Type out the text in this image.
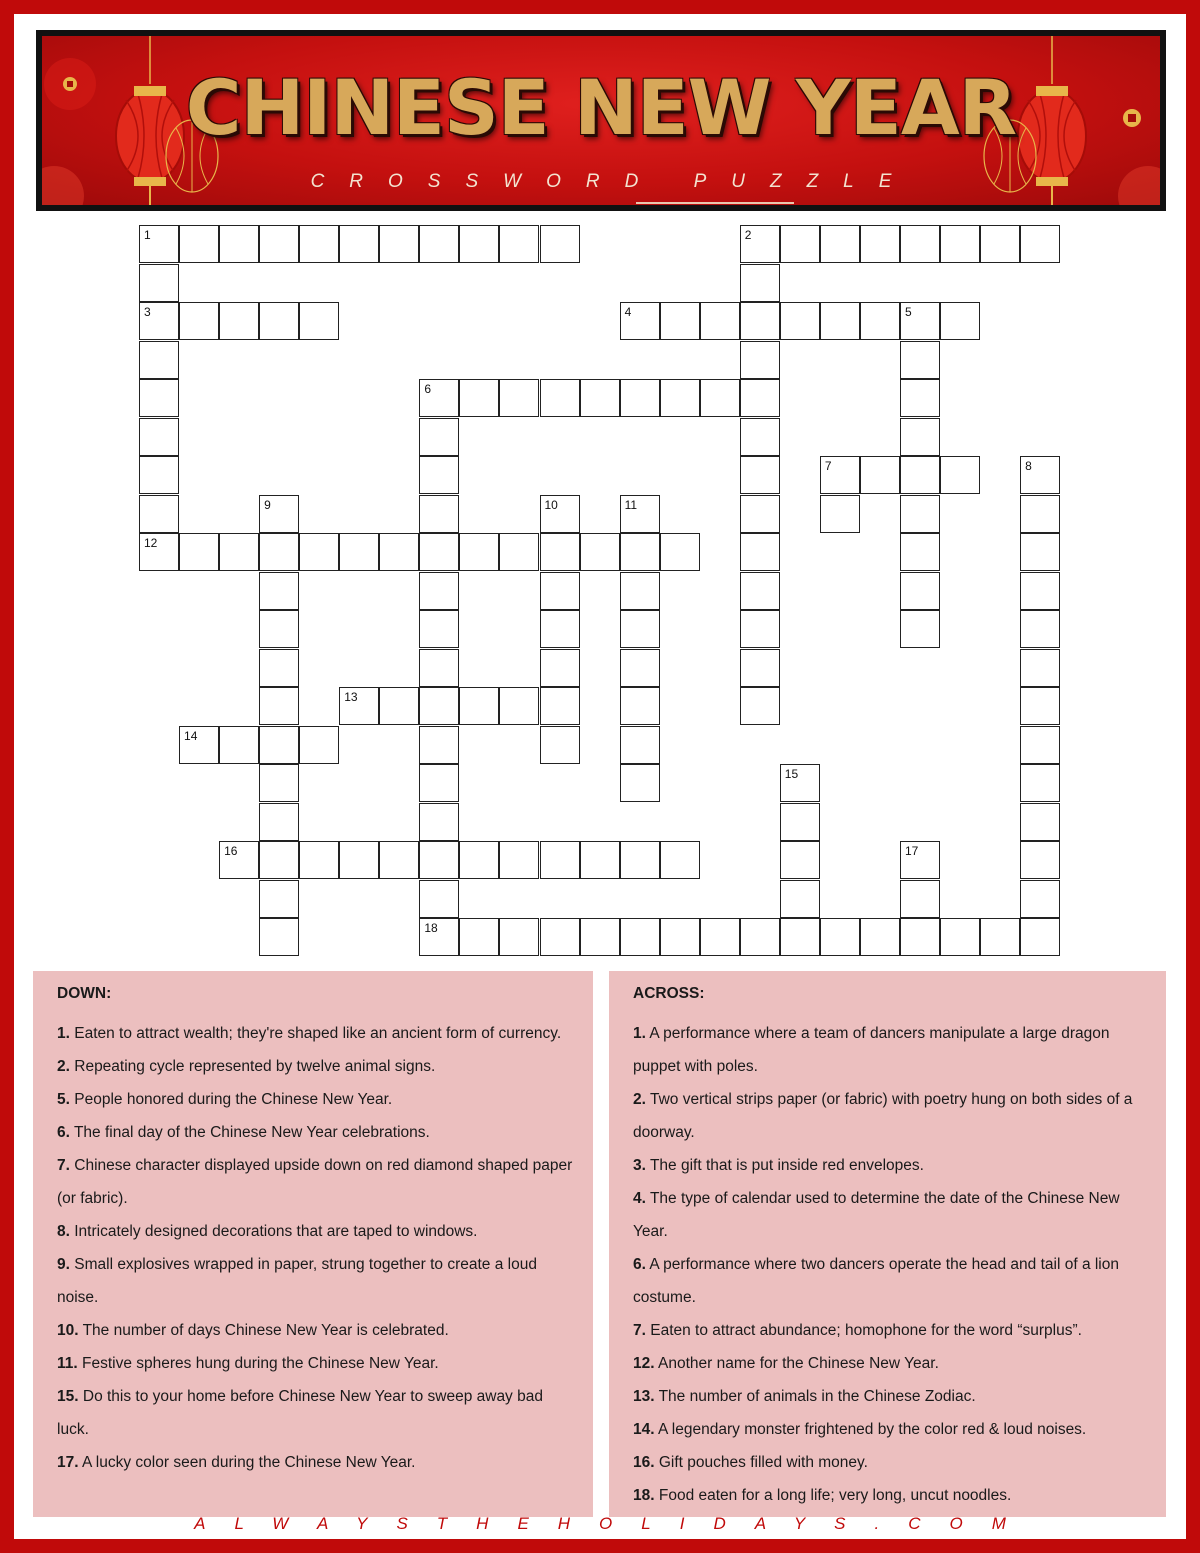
CHINESE NEW YEAR
CROSSWORD PUZZLE
1	2
3	4	5
6
7	8
9	10	11
12
13
14
15
16	17
18
DOWN:
1. Eaten to attract wealth; they're shaped like an ancient form of currency.
2. Repeating cycle represented by twelve animal signs.
5. People honored during the Chinese New Year.
6. The final day of the Chinese New Year celebrations.
7. Chinese character displayed upside down on red diamond shaped paper (or fabric).
8. Intricately designed decorations that are taped to windows.
9. Small explosives wrapped in paper, strung together to create a loud noise.
10. The number of days Chinese New Year is celebrated.
11. Festive spheres hung during the Chinese New Year.
15. Do this to your home before Chinese New Year to sweep away bad luck.
17. A lucky color seen during the Chinese New Year.
ACROSS:
1. A performance where a team of dancers manipulate a large dragon puppet with poles.
2. Two vertical strips paper (or fabric) with poetry hung on both sides of a doorway.
3. The gift that is put inside red envelopes.
4. The type of calendar used to determine the date of the Chinese New Year.
6. A performance where two dancers operate the head and tail of a lion costume.
7. Eaten to attract abundance; homophone for the word “surplus”.
12. Another name for the Chinese New Year.
13. The number of animals in the Chinese Zodiac.
14. A legendary monster frightened by the color red & loud noises.
16. Gift pouches filled with money.
18. Food eaten for a long life; very long, uncut noodles.
ALWAYSTHEHOLIDAYS.COM
